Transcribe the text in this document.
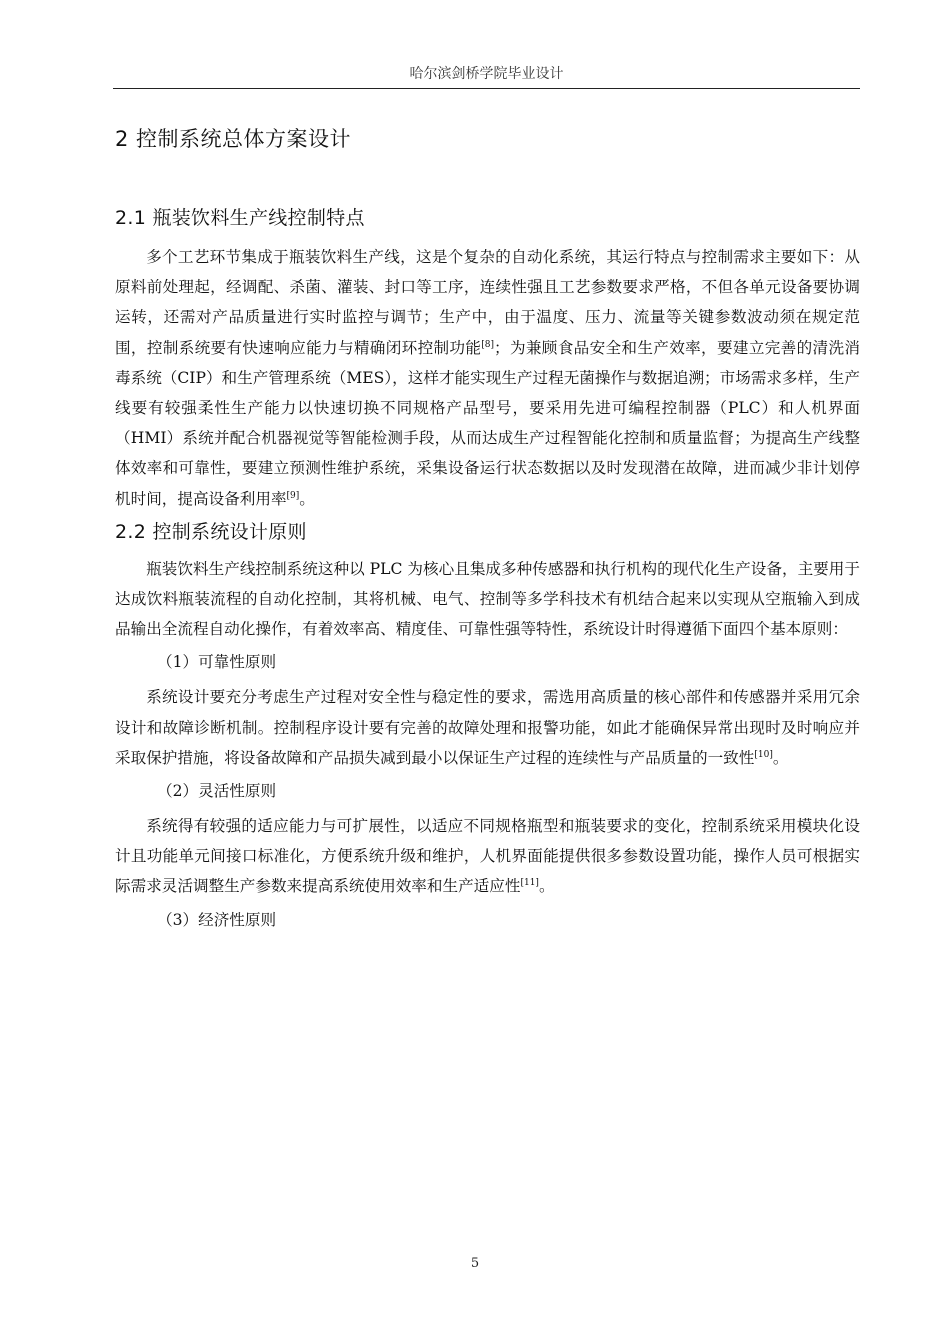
哈尔滨剑桥学院毕业设计
2 控制系统总体方案设计
2.1 瓶装饮料生产线控制特点

多个工艺环节集成于瓶装饮料生产线，这是个复杂的自动化系统，其运行特点与控制需求主要如下：从原料前处理起，经调配、杀菌、灌装、封口等工序，连续性强且工艺参数要求严格，不但各单元设备要协调运转，还需对产品质量进行实时监控与调节；生产中，由于温度、压力、流量等关键参数波动须在规定范围，控制系统要有快速响应能力与精确闭环控制功能[8]；为兼顾食品安全和生产效率，要建立完善的清洗消毒系统（CIP）和生产管理系统（MES），这样才能实现生产过程无菌操作与数据追溯；市场需求多样，生产线要有较强柔性生产能力以快速切换不同规格产品型号，要采用先进可编程控制器（PLC）和人机界面（HMI）系统并配合机器视觉等智能检测手段，从而达成生产过程智能化控制和质量监督；为提高生产线整体效率和可靠性，要建立预测性维护系统，采集设备运行状态数据以及时发现潜在故障，进而减少非计划停机时间，提高设备利用率[9]。

2.2 控制系统设计原则

瓶装饮料生产线控制系统这种以 PLC 为核心且集成多种传感器和执行机构的现代化生产设备，主要用于达成饮料瓶装流程的自动化控制，其将机械、电气、控制等多学科技术有机结合起来以实现从空瓶输入到成品输出全流程自动化操作，有着效率高、精度佳、可靠性强等特性，系统设计时得遵循下面四个基本原则：

（1）可靠性原则

系统设计要充分考虑生产过程对安全性与稳定性的要求，需选用高质量的核心部件和传感器并采用冗余设计和故障诊断机制。控制程序设计要有完善的故障处理和报警功能，如此才能确保异常出现时及时响应并采取保护措施，将设备故障和产品损失减到最小以保证生产过程的连续性与产品质量的一致性[10]。

（2）灵活性原则

系统得有较强的适应能力与可扩展性，以适应不同规格瓶型和瓶装要求的变化，控制系统采用模块化设计且功能单元间接口标准化，方便系统升级和维护，人机界面能提供很多参数设置功能，操作人员可根据实际需求灵活调整生产参数来提高系统使用效率和生产适应性[11]。

（3）经济性原则
5
